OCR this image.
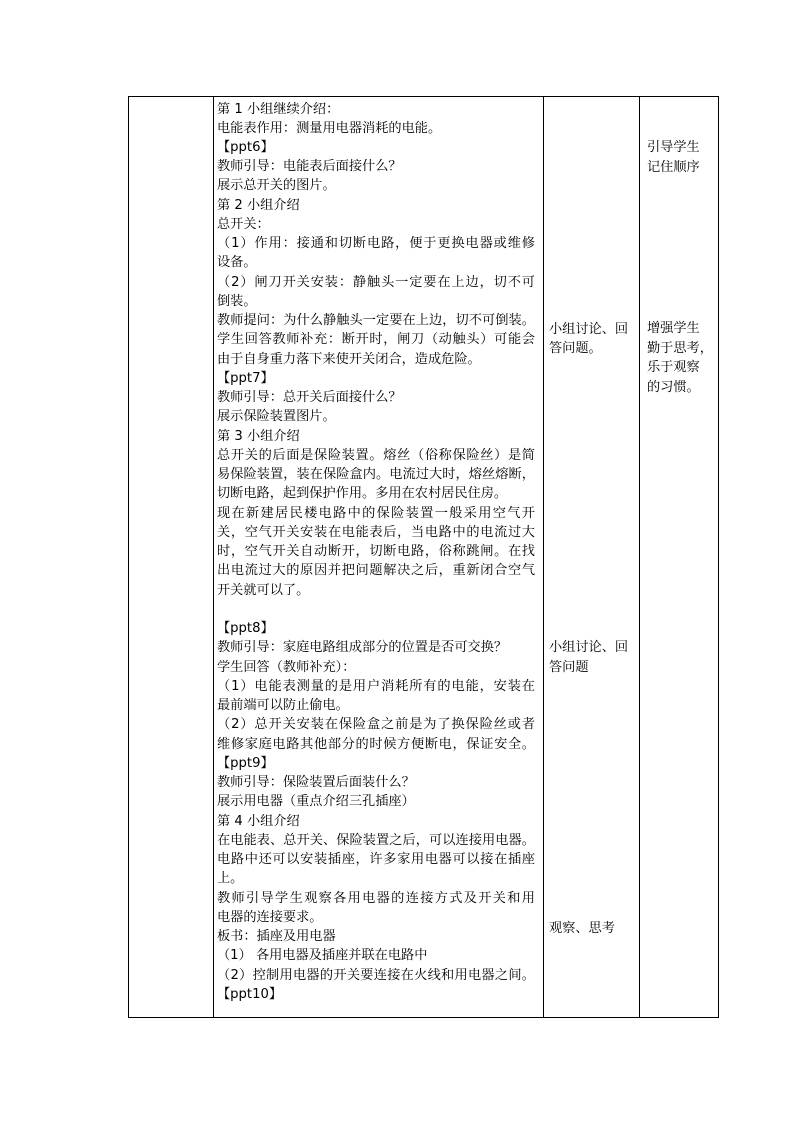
第 1 小组继续介绍：
电能表作用：测量用电器消耗的电能。
【ppt6】
教师引导：电能表后面接什么？
展示总开关的图片。
第 2 小组介绍
总开关：
（1）作用：接通和切断电路，便于更换电器或维修
设备。
（2）闸刀开关安装：静触头一定要在上边，切不可
倒装。
教师提问：为什么静触头一定要在上边，切不可倒装。
学生回答教师补充：断开时，闸刀（动触头）可能会
由于自身重力落下来使开关闭合，造成危险。
【ppt7】
教师引导：总开关后面接什么？
展示保险装置图片。
第 3 小组介绍
总开关的后面是保险装置。熔丝（俗称保险丝）是简
易保险装置，装在保险盒内。电流过大时，熔丝熔断，
切断电路，起到保护作用。多用在农村居民住房。
现在新建居民楼电路中的保险装置一般采用空气开
关，空气开关安装在电能表后，当电路中的电流过大
时，空气开关自动断开，切断电路，俗称跳闸。在找
出电流过大的原因并把问题解决之后，重新闭合空气
开关就可以了。
【ppt8】
教师引导：家庭电路组成部分的位置是否可交换？
学生回答（教师补充）：
（1）电能表测量的是用户消耗所有的电能，安装在
最前端可以防止偷电。
（2）总开关安装在保险盒之前是为了换保险丝或者
维修家庭电路其他部分的时候方便断电，保证安全。
【ppt9】
教师引导：保险装置后面装什么？
展示用电器（重点介绍三孔插座）
第 4 小组介绍
在电能表、总开关、保险装置之后，可以连接用电器。
电路中还可以安装插座，许多家用电器可以接在插座
上。
教师引导学生观察各用电器的连接方式及开关和用
电器的连接要求。
板书：插座及用电器
（1） 各用电器及插座并联在电路中
（2）控制用电器的开关要连接在火线和用电器之间。
【ppt10】
小组讨论、回
答问题。
小组讨论、回
答问题
观察、思考
引导学生
记住顺序
增强学生
勤于思考，
乐于观察
的习惯。
